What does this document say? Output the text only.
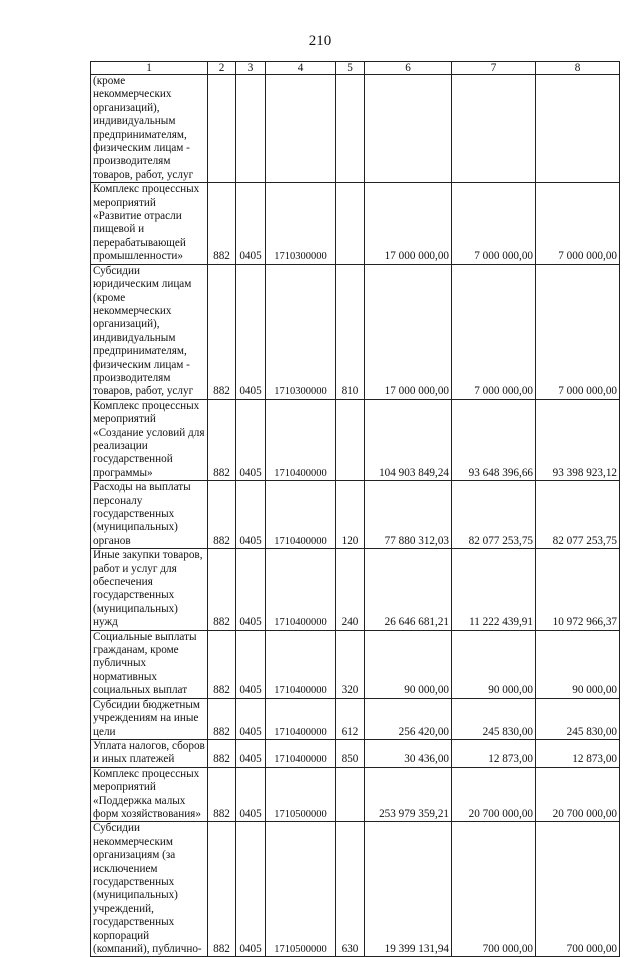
210
1	2	3	4	5	6	7	8
(кроме некоммерческих организаций), индивидуальным предпринимателям, физическим лицам - производителям товаров, работ, услуг							
Комплекс процессных мероприятий «Развитие отрасли пищевой и перерабатывающей промышленности»	882	0405	1710300000		17 000 000,00	7 000 000,00	7 000 000,00
Субсидии юридическим лицам (кроме некоммерческих организаций), индивидуальным предпринимателям, физическим лицам - производителям товаров, работ, услуг	882	0405	1710300000	810	17 000 000,00	7 000 000,00	7 000 000,00
Комплекс процессных мероприятий «Создание условий для реализации государственной программы»	882	0405	1710400000		104 903 849,24	93 648 396,66	93 398 923,12
Расходы на выплаты персоналу государственных (муниципальных) органов	882	0405	1710400000	120	77 880 312,03	82 077 253,75	82 077 253,75
Иные закупки товаров, работ и услуг для обеспечения государственных (муниципальных) нужд	882	0405	1710400000	240	26 646 681,21	11 222 439,91	10 972 966,37
Социальные выплаты гражданам, кроме публичных нормативных социальных выплат	882	0405	1710400000	320	90 000,00	90 000,00	90 000,00
Субсидии бюджетным учреждениям на иные цели	882	0405	1710400000	612	256 420,00	245 830,00	245 830,00
Уплата налогов, сборов и иных платежей	882	0405	1710400000	850	30 436,00	12 873,00	12 873,00
Комплекс процессных мероприятий «Поддержка малых форм хозяйствования»	882	0405	1710500000		253 979 359,21	20 700 000,00	20 700 000,00
Субсидии некоммерческим организациям (за исключением государственных (муниципальных) учреждений, государственных корпораций (компаний), публично-	882	0405	1710500000	630	19 399 131,94	700 000,00	700 000,00
